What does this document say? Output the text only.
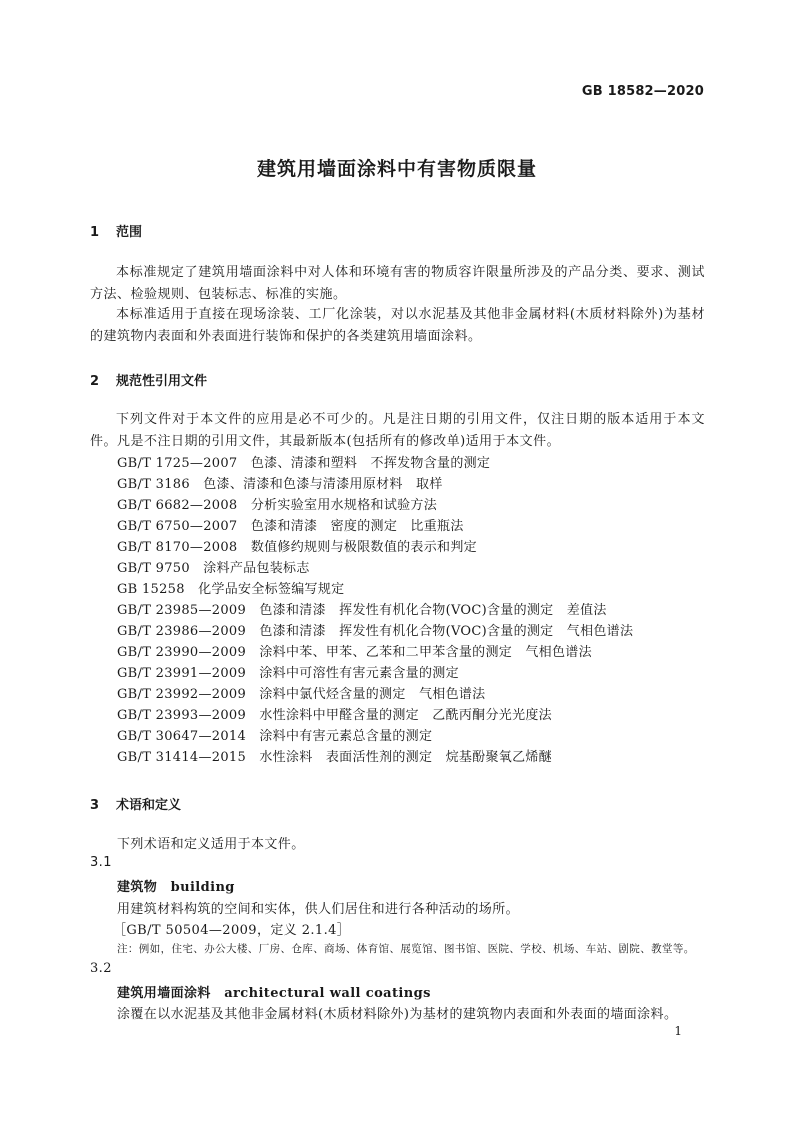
GB 18582—2020
建筑用墙面涂料中有害物质限量
1 范围

本标准规定了建筑用墙面涂料中对人体和环境有害的物质容许限量所涉及的产品分类、要求、测试方法、检验规则、包装标志、标准的实施。

本标准适用于直接在现场涂装、工厂化涂装，对以水泥基及其他非金属材料(木质材料除外)为基材的建筑物内表面和外表面进行装饰和保护的各类建筑用墙面涂料。

2 规范性引用文件

下列文件对于本文件的应用是必不可少的。凡是注日期的引用文件，仅注日期的版本适用于本文件。凡是不注日期的引用文件，其最新版本(包括所有的修改单)适用于本文件。

GB/T 1725—2007　 色漆、清漆和塑料　不挥发物含量的测定
GB/T 3186　 色漆、清漆和色漆与清漆用原材料　取样
GB/T 6682—2008　 分析实验室用水规格和试验方法
GB/T 6750—2007　 色漆和清漆　密度的测定　比重瓶法
GB/T 8170—2008　 数值修约规则与极限数值的表示和判定
GB/T 9750　 涂料产品包装标志
GB 15258　 化学品安全标签编写规定
GB/T 23985—2009　 色漆和清漆　挥发性有机化合物(VOC)含量的测定　差值法
GB/T 23986—2009　 色漆和清漆　挥发性有机化合物(VOC)含量的测定　气相色谱法
GB/T 23990—2009　 涂料中苯、甲苯、乙苯和二甲苯含量的测定　气相色谱法
GB/T 23991—2009　 涂料中可溶性有害元素含量的测定
GB/T 23992—2009　 涂料中氯代烃含量的测定　气相色谱法
GB/T 23993—2009　 水性涂料中甲醛含量的测定　乙酰丙酮分光光度法
GB/T 30647—2014　 涂料中有害元素总含量的测定
GB/T 31414—2015　 水性涂料　表面活性剂的测定　烷基酚聚氧乙烯醚
3 术语和定义
下列术语和定义适用于本文件。
3.1
建筑物　 building
用建筑材料构筑的空间和实体，供人们居住和进行各种活动的场所。
［GB/T 50504—2009，定义 2.1.4］
注：例如，住宅、办公大楼、厂房、仓库、商场、体育馆、展览馆、图书馆、医院、学校、机场、车站、剧院、教堂等。
3.2
建筑用墙面涂料　 architectural wall coatings
涂覆在以水泥基及其他非金属材料(木质材料除外)为基材的建筑物内表面和外表面的墙面涂料。
1
